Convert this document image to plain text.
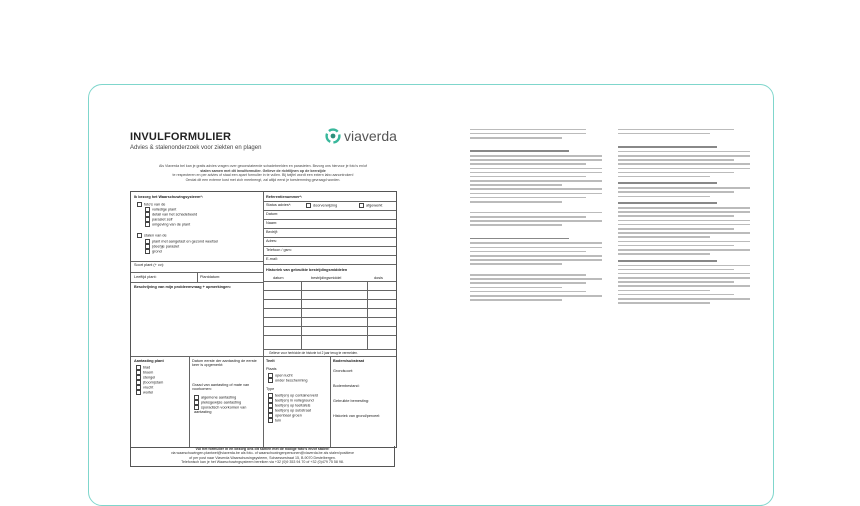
INVULFORMULIER
Advies & stalenonderzoek voor ziekten en plagen
viaverda
Als Viaverda bel kan je gratis advies vragen over geconstateerde schadebeelden en parasieten. Bezorg ons hiervoor je foto's en/of
stalen samen met dit invulformulier. Gelieve de richtlijnen op de keerzijde
te respecteren en per advies of staal een apart formulier in te vullen. Bij twijfel wordt een extern labo aanontroken!
Omdat dit een externe kost met zich meebrengt, zal altijd eerst je toestemming gevraagd worden.
Ik bezorg het Waarschuwingsysteem*:
foto's van de
volledige plant
detail van het schadebeeld
parasiet zelf
omgeving van de plant
stalen van de
plant met aangetast en gezond weefsel
(deel)je parasiet
grond
Soort plant (+ cv):
Leeftijd plant:	Plantdatum:
Beschrijving van mijn probleemvraag + opmerkingen:
Referentienummer*:
Status advies*:	doorverwijzing	afgewerkt
Datum:
Naam:
Bedrijf:
Adres:
Telefoon / gsm:
E-mail:
Historiek van gebruikte bestrijdingsmiddelen
datum	bestrijdingsmiddel	dosis
Gelieve voor herbicide de historie tot 2 jaar terug te vermelden.
Aantasting plant
blad
bloem
stengel
(boom)stam
vrucht
wortel
Datum eerste der aantasting de eerste keer is opgemerkt:
Graad van aantasting of mate van voorkomen:
algemene aantasting
pleksgewijze aantasting
sporadisch voorkomen van aantasting
Teelt
Plaats
open lucht
onder bescherming
Type
teelt(en) op containerveld
teelt(en) in volleground
teelt(en) op teeltafels
teelt(en) op substraat
openbaar groen
tuin
Bodem/substraat
Grondsoort:
Bodembestand:
Gebruikte bemesting:
Historiek van grond/perceel:
Vul het formulier in en bezorg ons dit samen met de nodige foto's en/of stalen!
via waarschuwingen.plantwet@viaverda.be als foto- of waarschuwingenpersonen@viaverda.be als stalen/positieve
of per post naar Viaverda Waarschuwingsysteem, Schaessestraat 15, B-9070 Destelbergen.
Telefonisch kan je het Waarschuwingsysteem bereiken via +32 (0)9 353 94 70 of +32 (0)479 75 58 98.
